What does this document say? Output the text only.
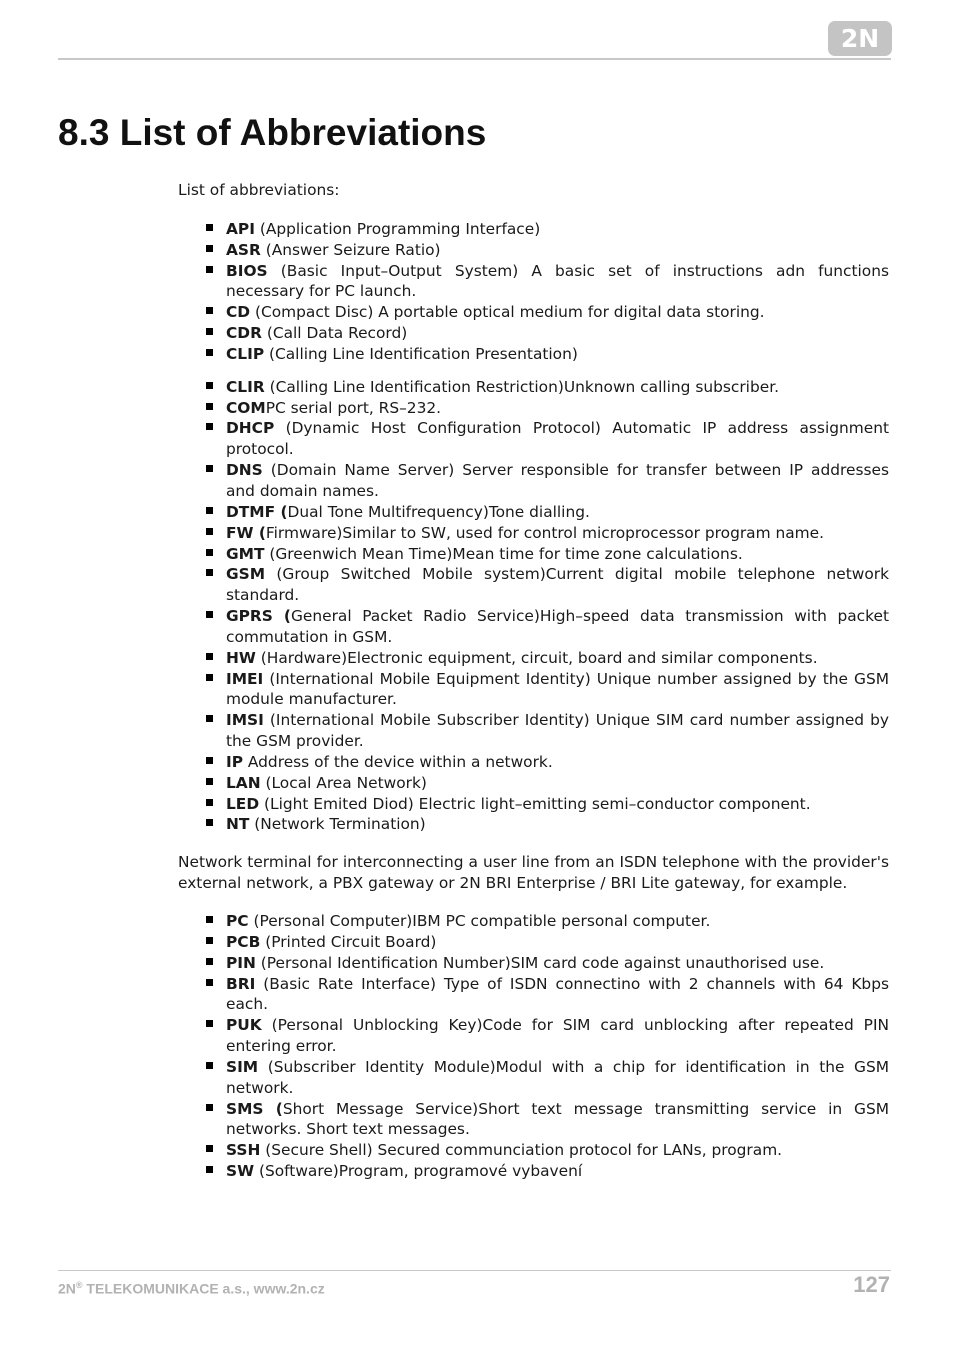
2N
8.3 List of Abbreviations

List of abbreviations:

API (Application Programming Interface)
ASR (Answer Seizure Ratio)
BIOS (Basic Input–Output System) A basic set of instructions adn functions necessary for PC launch.
CD (Compact Disc) A portable optical medium for digital data storing.
CDR (Call Data Record)
CLIP (Calling Line Identification Presentation)
CLIR (Calling Line Identification Restriction)Unknown calling subscriber.
COMPC serial port, RS–232.
DHCP (Dynamic Host Configuration Protocol) Automatic IP address assignment protocol.
DNS (Domain Name Server) Server responsible for transfer between IP addresses and domain names.
DTMF (Dual Tone Multifrequency)Tone dialling.
FW (Firmware)Similar to SW, used for control microprocessor program name.
GMT (Greenwich Mean Time)Mean time for time zone calculations.
GSM (Group Switched Mobile system)Current digital mobile telephone network standard.
GPRS (General Packet Radio Service)High–speed data transmission with packet commutation in GSM.
HW (Hardware)Electronic equipment, circuit, board and similar components.
IMEI (International Mobile Equipment Identity) Unique number assigned by the GSM module manufacturer.
IMSI (International Mobile Subscriber Identity) Unique SIM card number assigned by the GSM provider.
IP Address of the device within a network.
LAN (Local Area Network)
LED (Light Emited Diod) Electric light–emitting semi–conductor component.
NT (Network Termination)

Network terminal for interconnecting a user line from an ISDN telephone with the provider's external network, a PBX gateway or 2N BRI Enterprise / BRI Lite gateway, for example.

PC (Personal Computer)IBM PC compatible personal computer.
PCB (Printed Circuit Board)
PIN (Personal Identification Number)SIM card code against unauthorised use.
BRI (Basic Rate Interface) Type of ISDN connectino with 2 channels with 64 Kbps each.
PUK (Personal Unblocking Key)Code for SIM card unblocking after repeated PIN entering error.
SIM (Subscriber Identity Module)Modul with a chip for identification in the GSM network.
SMS (Short Message Service)Short text message transmitting service in GSM networks. Short text messages.
SSH (Secure Shell) Secured communciation protocol for LANs, program.
SW (Software)Program, programové vybavení
2N® TELEKOMUNIKACE a.s., www.2n.cz	127
